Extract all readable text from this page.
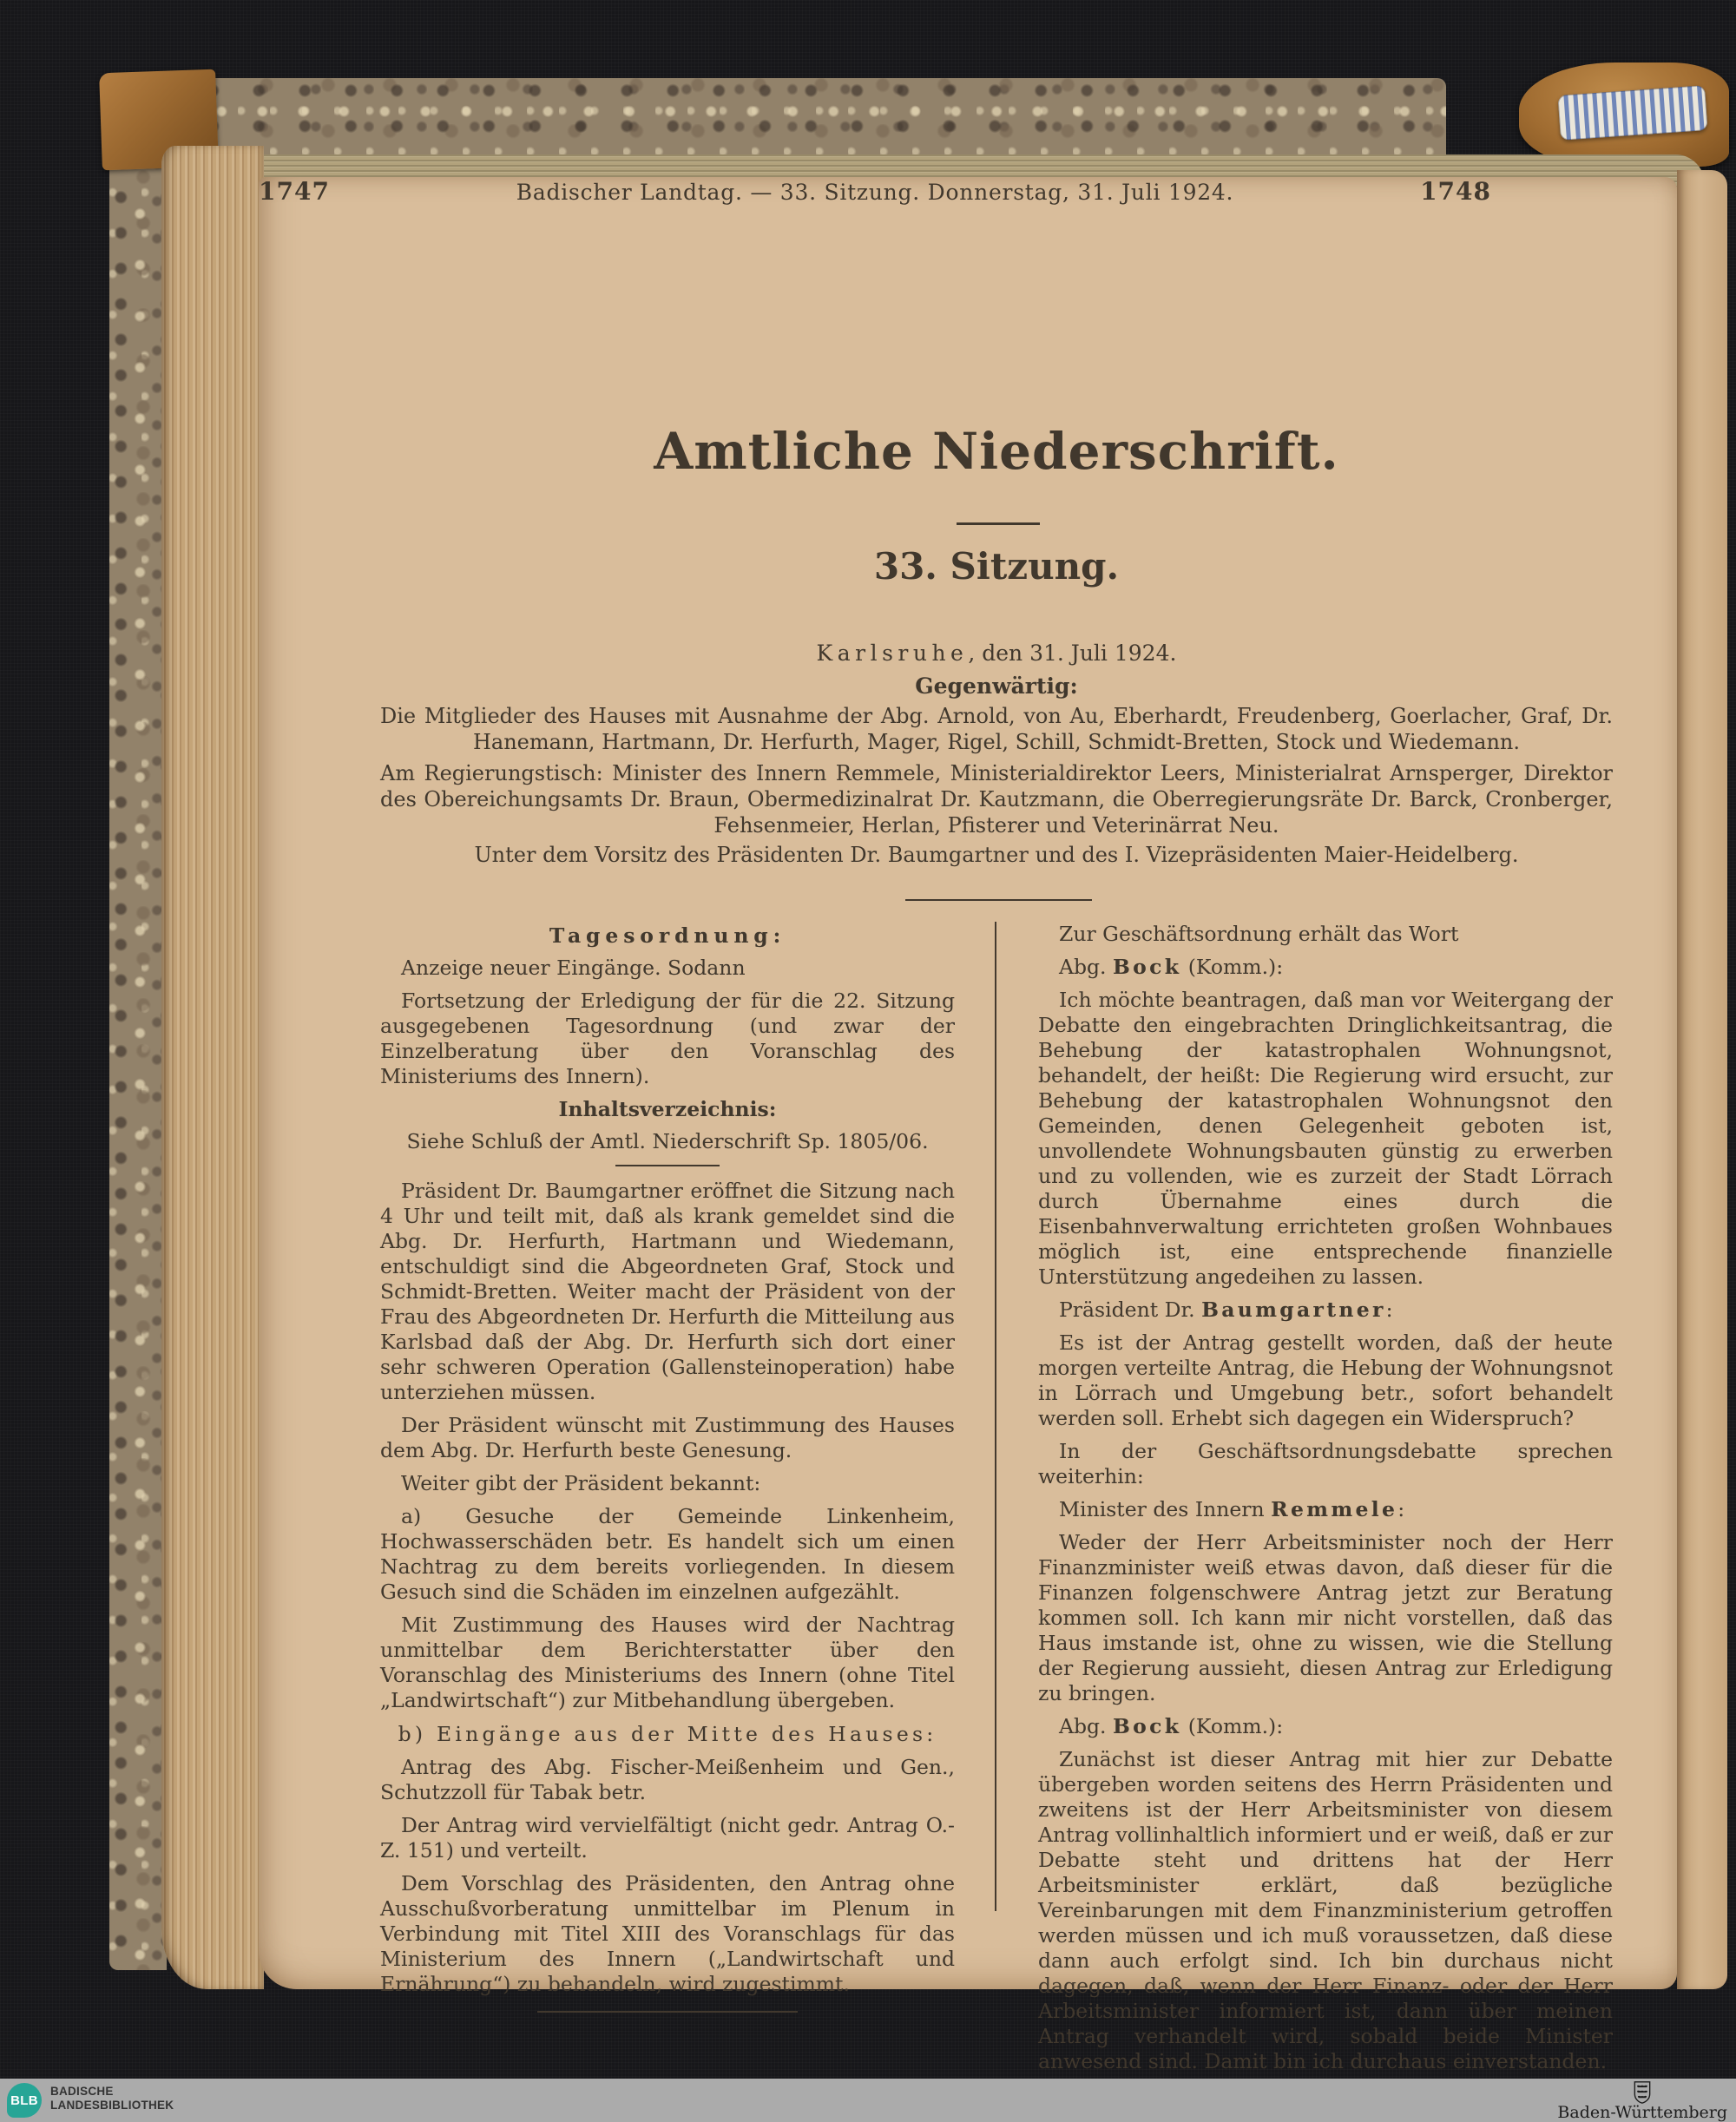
1747	Badischer Landtag. — 33. Sitzung. Donnerstag, 31. Juli 1924.	1748
Amtliche Niederschrift.
33. Sitzung.
Karlsruhe, den 31. Juli 1924.
Gegenwärtig:
Die Mitglieder des Hauses mit Ausnahme der Abg. Arnold, von Au, Eberhardt, Freudenberg, Goerlacher, Graf, Dr. Hanemann, Hartmann, Dr. Herfurth, Mager, Rigel, Schill, Schmidt-Bretten, Stock und Wiedemann.
Am Regierungstisch: Minister des Innern Remmele, Ministerialdirektor Leers, Ministerialrat Arnsperger, Direktor des Obereichungsamts Dr. Braun, Obermedizinalrat Dr. Kautzmann, die Oberregierungsräte Dr. Barck, Cronberger, Fehsenmeier, Herlan, Pfisterer und Veterinärrat Neu.
Unter dem Vorsitz des Präsidenten Dr. Baumgartner und des I. Vizepräsidenten Maier-Heidelberg.
Tagesordnung:

Anzeige neuer Eingänge. Sodann

Fortsetzung der Erledigung der für die 22. Sitzung ausgegebenen Tagesordnung (und zwar der Einzelberatung über den Voranschlag des Ministeriums des Innern).

Inhaltsverzeichnis:

Siehe Schluß der Amtl. Niederschrift Sp. 1805/06.

Präsident Dr. Baumgartner eröffnet die Sitzung nach 4 Uhr und teilt mit, daß als krank gemeldet sind die Abg. Dr. Herfurth, Hartmann und Wiedemann, entschuldigt sind die Abgeordneten Graf, Stock und Schmidt-Bretten. Weiter macht der Präsident von der Frau des Abgeordneten Dr. Herfurth die Mitteilung aus Karlsbad daß der Abg. Dr. Herfurth sich dort einer sehr schweren Operation (Gallensteinoperation) habe unterziehen müssen.

Der Präsident wünscht mit Zustimmung des Hauses dem Abg. Dr. Herfurth beste Genesung.

Weiter gibt der Präsident bekannt:

a) Gesuche der Gemeinde Linkenheim, Hochwasserschäden betr. Es handelt sich um einen Nachtrag zu dem bereits vorliegenden. In diesem Gesuch sind die Schäden im einzelnen aufgezählt.

Mit Zustimmung des Hauses wird der Nachtrag unmittelbar dem Berichterstatter über den Voranschlag des Ministeriums des Innern (ohne Titel „Landwirtschaft“) zur Mitbehandlung übergeben.

b) Eingänge aus der Mitte des Hauses:

Antrag des Abg. Fischer-Meißenheim und Gen., Schutzzoll für Tabak betr.

Der Antrag wird vervielfältigt (nicht gedr. Antrag O.-Z. 151) und verteilt.

Dem Vorschlag des Präsidenten, den Antrag ohne Ausschußvorberatung unmittelbar im Plenum in Verbindung mit Titel XIII des Voranschlags für das Ministerium des Innern („Landwirtschaft und Ernährung“) zu behandeln, wird zugestimmt.

Zur Geschäftsordnung erhält das Wort

Abg. Bock (Komm.):

Ich möchte beantragen, daß man vor Weitergang der Debatte den eingebrachten Dringlichkeitsantrag, die Behebung der katastrophalen Wohnungsnot, behandelt, der heißt: Die Regierung wird ersucht, zur Behebung der katastrophalen Wohnungsnot den Gemeinden, denen Gelegenheit geboten ist, unvollendete Wohnungsbauten günstig zu erwerben und zu vollenden, wie es zurzeit der Stadt Lörrach durch Übernahme eines durch die Eisenbahnverwaltung errichteten großen Wohnbaues möglich ist, eine entsprechende finanzielle Unterstützung angedeihen zu lassen.

Präsident Dr. Baumgartner:

Es ist der Antrag gestellt worden, daß der heute morgen verteilte Antrag, die Hebung der Wohnungsnot in Lörrach und Umgebung betr., sofort behandelt werden soll. Erhebt sich dagegen ein Widerspruch?

In der Geschäftsordnungsdebatte sprechen weiterhin:

Minister des Innern Remmele:

Weder der Herr Arbeitsminister noch der Herr Finanzminister weiß etwas davon, daß dieser für die Finanzen folgenschwere Antrag jetzt zur Beratung kommen soll. Ich kann mir nicht vorstellen, daß das Haus imstande ist, ohne zu wissen, wie die Stellung der Regierung aussieht, diesen Antrag zur Erledigung zu bringen.

Abg. Bock (Komm.):

Zunächst ist dieser Antrag mit hier zur Debatte übergeben worden seitens des Herrn Präsidenten und zweitens ist der Herr Arbeitsminister von diesem Antrag vollinhaltlich informiert und er weiß, daß er zur Debatte steht und drittens hat der Herr Arbeitsminister erklärt, daß bezügliche Vereinbarungen mit dem Finanzministerium getroffen werden müssen und ich muß voraussetzen, daß diese dann auch erfolgt sind. Ich bin durchaus nicht dagegen, daß, wenn der Herr Finanz- oder der Herr Arbeitsminister informiert ist, dann über meinen Antrag verhandelt wird, sobald beide Minister anwesend sind. Damit bin ich durchaus einverstanden.

BLB
BADISCHE
LANDESBIBLIOTHEK	Baden-Württemberg
